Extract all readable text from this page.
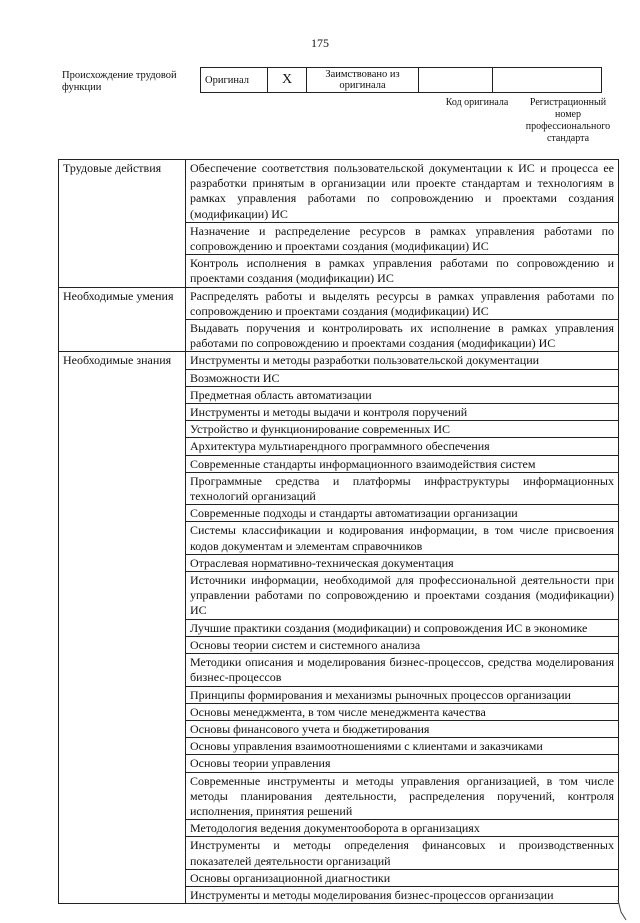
175
Происхождение трудовой функции
Оригинал	X	Заимствовано из оригинала		
Код оригинала	Регистрационный номер профессионального стандарта
Трудовые действия	Обеспечение соответствия пользовательской документации к ИС и процесса ее разработки принятым в организации или проекте стандартам и технологиям в рамках управления работами по сопровождению и проектами создания (модификации) ИС
	Назначение и распределение ресурсов в рамках управления работами по сопровождению и проектами создания (модификации) ИС
	Контроль исполнения в рамках управления работами по сопровождению и проектами создания (модификации) ИС
Необходимые умения	Распределять работы и выделять ресурсы в рамках управления работами по сопровождению и проектами создания (модификации) ИС
	Выдавать поручения и контролировать их исполнение в рамках управления работами по сопровождению и проектами создания (модификации) ИС
Необходимые знания	Инструменты и методы разработки пользовательской документации
	Возможности ИС
	Предметная область автоматизации
	Инструменты и методы выдачи и контроля поручений
	Устройство и функционирование современных ИС
	Архитектура мультиарендного программного обеспечения
	Современные стандарты информационного взаимодействия систем
	Программные средства и платформы инфраструктуры информационных технологий организаций
	Современные подходы и стандарты автоматизации организации
	Системы классификации и кодирования информации, в том числе присвоения кодов документам и элементам справочников
	Отраслевая нормативно-техническая документация
	Источники информации, необходимой для профессиональной деятельности при управлении работами по сопровождению и проектами создания (модификации) ИС
	Лучшие практики создания (модификации) и сопровождения ИС в экономике
	Основы теории систем и системного анализа
	Методики описания и моделирования бизнес-процессов, средства моделирования бизнес-процессов
	Принципы формирования и механизмы рыночных процессов организации
	Основы менеджмента, в том числе менеджмента качества
	Основы финансового учета и бюджетирования
	Основы управления взаимоотношениями с клиентами и заказчиками
	Основы теории управления
	Современные инструменты и методы управления организацией, в том числе методы планирования деятельности, распределения поручений, контроля исполнения, принятия решений
	Методология ведения документооборота в организациях
	Инструменты и методы определения финансовых и производственных показателей деятельности организаций
	Основы организационной диагностики
	Инструменты и методы моделирования бизнес-процессов организации
